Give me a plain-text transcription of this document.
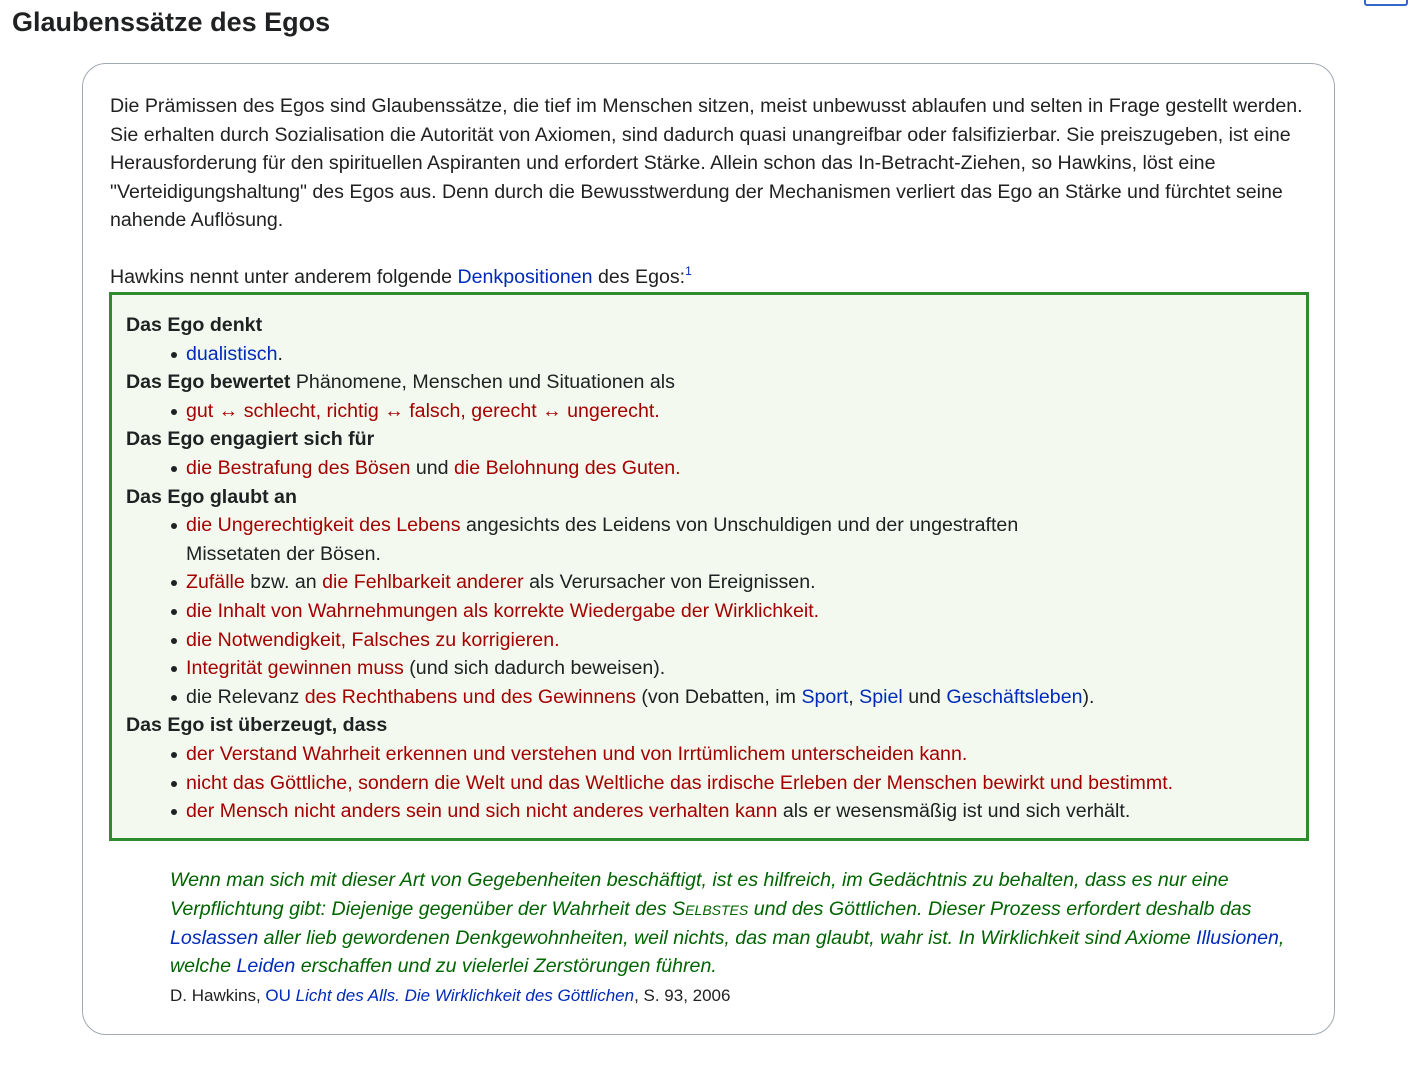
Glaubenssätze des Egos

Die Prämissen des Egos sind Glaubenssätze, die tief im Menschen sitzen, meist unbewusst ablaufen und selten in Frage gestellt werden. Sie erhalten durch Sozialisation die Autorität von Axiomen, sind dadurch quasi unangreifbar oder falsifizierbar. Sie preiszugeben, ist eine Herausforderung für den spirituellen Aspiranten und erfordert Stärke. Allein schon das In-Betracht-Ziehen, so Hawkins, löst eine "Verteidigungshaltung" des Egos aus. Denn durch die Bewusstwerdung der Mechanismen verliert das Ego an Stärke und fürchtet seine nahende Auflösung.

Hawkins nennt unter anderem folgende Denkpositionen des Egos:$^1$

Das Ego denkt
dualistisch.
Das Ego bewertet Phänomene, Menschen und Situationen als
gut ↔ schlecht, richtig ↔ falsch, gerecht ↔ ungerecht.
Das Ego engagiert sich für
die Bestrafung des Bösen und die Belohnung des Guten.
Das Ego glaubt an
die Ungerechtigkeit des Lebens angesichts des Leidens von Unschuldigen und der ungestraften Missetaten der Bösen.
Zufälle bzw. an die Fehlbarkeit anderer als Verursacher von Ereignissen.
die Inhalt von Wahrnehmungen als korrekte Wiedergabe der Wirklichkeit.
die Notwendigkeit, Falsches zu korrigieren.
Integrität gewinnen muss (und sich dadurch beweisen).
die Relevanz des Rechthabens und des Gewinnens (von Debatten, im Sport, Spiel und Geschäftsleben).
Das Ego ist überzeugt, dass
der Verstand Wahrheit erkennen und verstehen und von Irrtümlichem unterscheiden kann.
nicht das Göttliche, sondern die Welt und das Weltliche das irdische Erleben der Menschen bewirkt und bestimmt.
der Mensch nicht anders sein und sich nicht anderes verhalten kann als er wesensmäßig ist und sich verhält.

Wenn man sich mit dieser Art von Gegebenheiten beschäftigt, ist es hilfreich, im Gedächtnis zu behalten, dass es nur eine Verpflichtung gibt: Diejenige gegenüber der Wahrheit des Selbstes und des Göttlichen. Dieser Prozess erfordert deshalb das Loslassen aller lieb gewordenen Denkgewohnheiten, weil nichts, das man glaubt, wahr ist. In Wirklichkeit sind Axiome Illusionen, welche Leiden erschaffen und zu vielerlei Zerstörungen führen.

D. Hawkins, OU Licht des Alls. Die Wirklichkeit des Göttlichen, S. 93, 2006
